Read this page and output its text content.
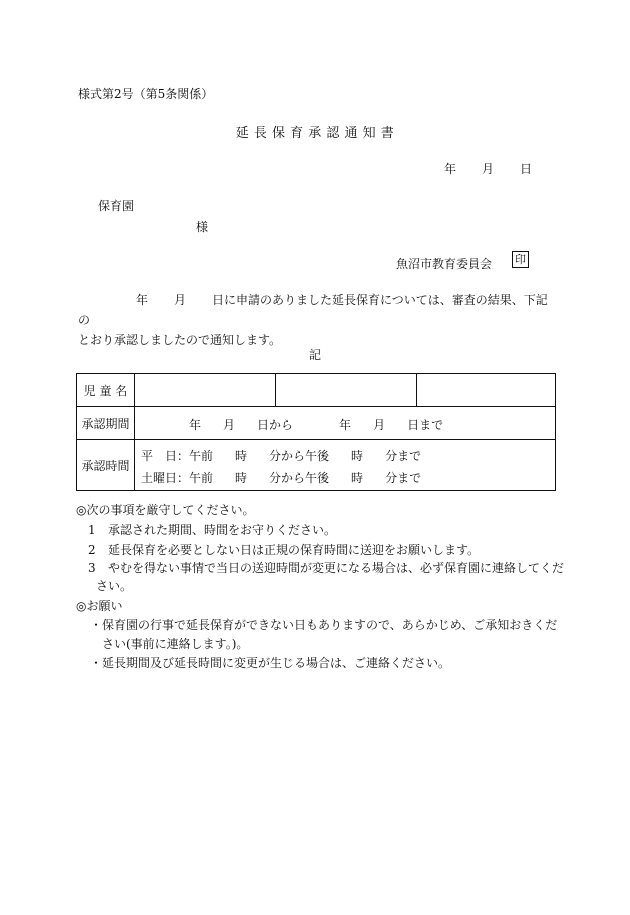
様式第2号（第5条関係）
延 長 保 育 承 認 通 知 書
年 月 日
保育園
様
魚沼市教育委員会 印
年 月 日に申請のありました延長保育については、審査の結果、下記の
とおり承認しましたので通知します。
記
児 童 名
承認期間	年 月 日から	年 月 日まで
承認時間
平　日：午前 時 分から午後 時 分まで
土曜日：午前 時 分から午後 時 分まで
◎次の事項を厳守してください。
1 承認された期間、時間をお守りください。
2 延長保育を必要としない日は正規の保育時間に送迎をお願いします。
3 やむを得ない事情で当日の送迎時間が変更になる場合は、必ず保育園に連絡してくだ
さい。
◎お願い
・保育園の行事で延長保育ができない日もありますので、あらかじめ、ご承知おきくだ
さい(事前に連絡します。)。
・延長期間及び延長時間に変更が生じる場合は、ご連絡ください。
